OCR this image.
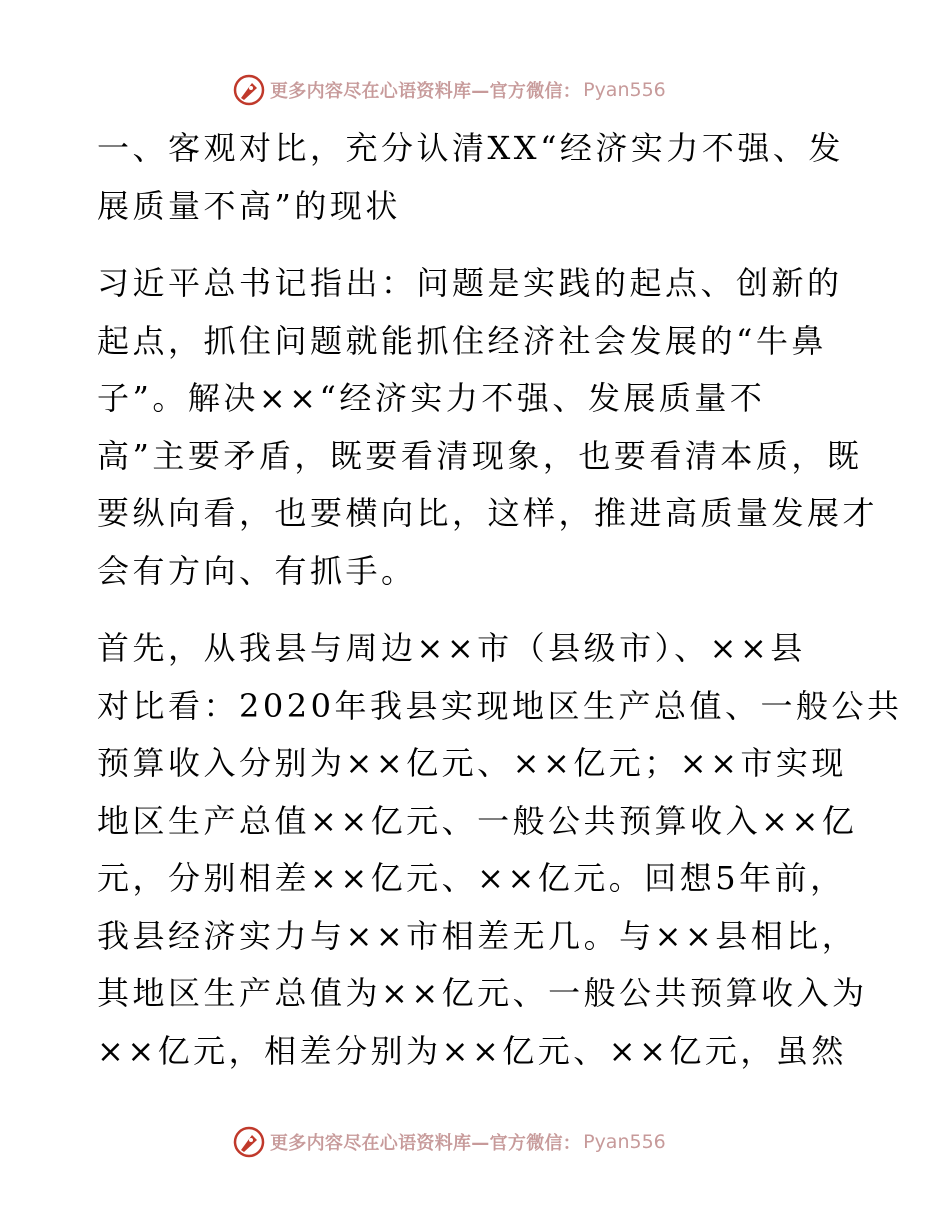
更多内容尽在心语资料库—官方微信： Pyan556
一、客观对比，充分认清XX“经济实力不强、发
展质量不高”的现状
习近平总书记指出：问题是实践的起点、创新的
起点，抓住问题就能抓住经济社会发展的“牛鼻
子”。解决××“经济实力不强、发展质量不
高”主要矛盾，既要看清现象，也要看清本质，既
要纵向看，也要横向比，这样，推进高质量发展才
会有方向、有抓手。
首先，从我县与周边××市（县级市）、××县
对比看：2020年我县实现地区生产总值、一般公共
预算收入分别为××亿元、××亿元；××市实现
地区生产总值××亿元、一般公共预算收入××亿
元，分别相差××亿元、××亿元。回想5年前，
我县经济实力与××市相差无几。与××县相比，
其地区生产总值为××亿元、一般公共预算收入为
××亿元，相差分别为××亿元、××亿元，虽然
更多内容尽在心语资料库—官方微信： Pyan556
